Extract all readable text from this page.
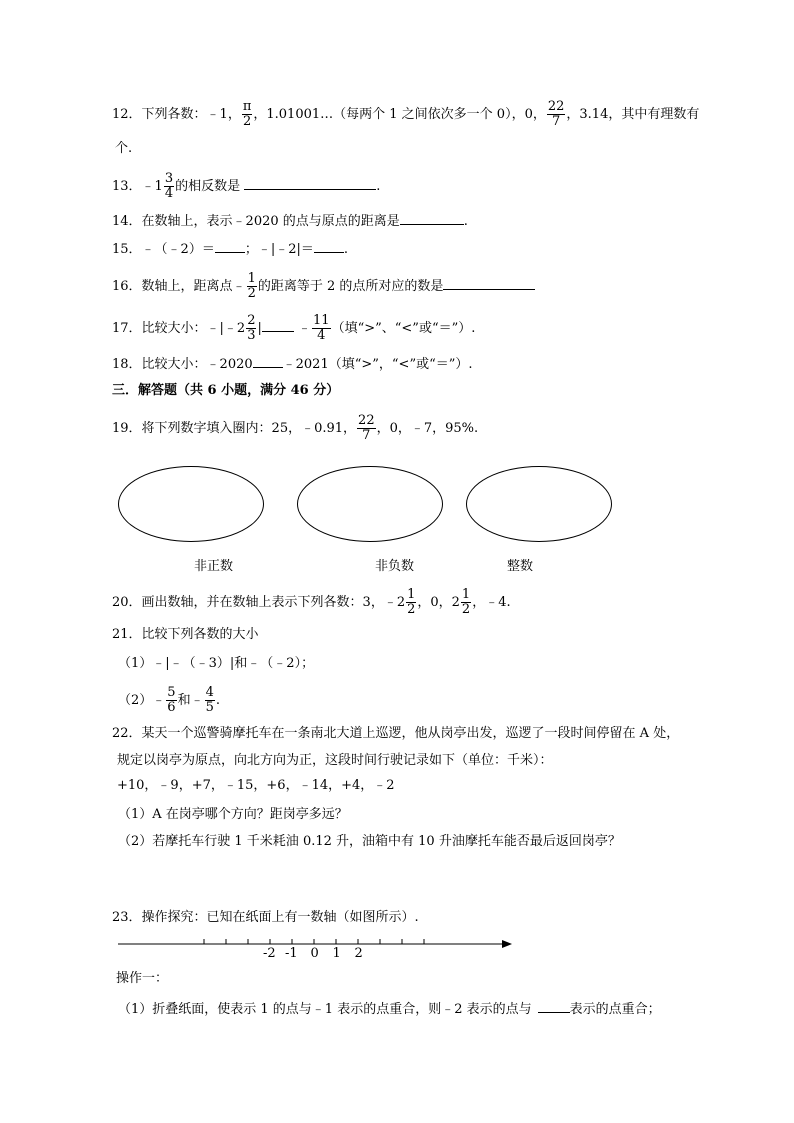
12．下列各数：﹣1， $\frac{\pi}{2}$ ，1.01001…（每两个 1 之间依次多一个 0），0， $\frac{22}{7}$ ，3.14，其中有理数有
个.
13．﹣1 $\frac{3}{4}$ 的相反数是	.
14．在数轴上，表示﹣2020 的点与原点的距离是	.
15．﹣（﹣2）＝ ；﹣|﹣2|＝ .
16．数轴上，距离点﹣ $\frac{1}{2}$ 的距离等于 2 的点所对应的数是
17．比较大小：﹣|﹣2 $\frac{2}{3}$ |	﹣ $\frac{11}{4}$ （填“>”、“<”或“＝”）.
18．比较大小：﹣2020 ﹣2021（填“>”，“<”或“＝”）.
三．解答题（共 6 小题，满分 46 分）
19．将下列数字填入圈内：25，﹣0.91， $\frac{22}{7}$ ，0，﹣7，95%.
非正数	非负数	整数
20．画出数轴，并在数轴上表示下列各数：3，﹣2 $\frac{1}{2}$ ，0，$2 \frac{1}{2}$ ，﹣4.
21．比较下列各数的大小
（1）﹣|﹣（﹣3）|和﹣（﹣2）；
（2）﹣ $\frac{5}{6}$ 和﹣ $\frac{4}{5}$ .
22．某天一个巡警骑摩托车在一条南北大道上巡逻，他从岗亭出发，巡逻了一段时间停留在 A 处，
规定以岗亭为原点，向北方向为正，这段时间行驶记录如下（单位：千米）：
+10，﹣9，+7，﹣15，+6，﹣14，+4，﹣2
（1）A 在岗亭哪个方向？距岗亭多远？
（2）若摩托车行驶 1 千米耗油 0.12 升，油箱中有 10 升油摩托车能否最后返回岗亭？
23．操作探究：已知在纸面上有一数轴（如图所示）.
-2 -1 0 1 2
操作一：
（1）折叠纸面，使表示 1 的点与﹣1 表示的点重合，则﹣2 表示的点与	表示的点重合；
